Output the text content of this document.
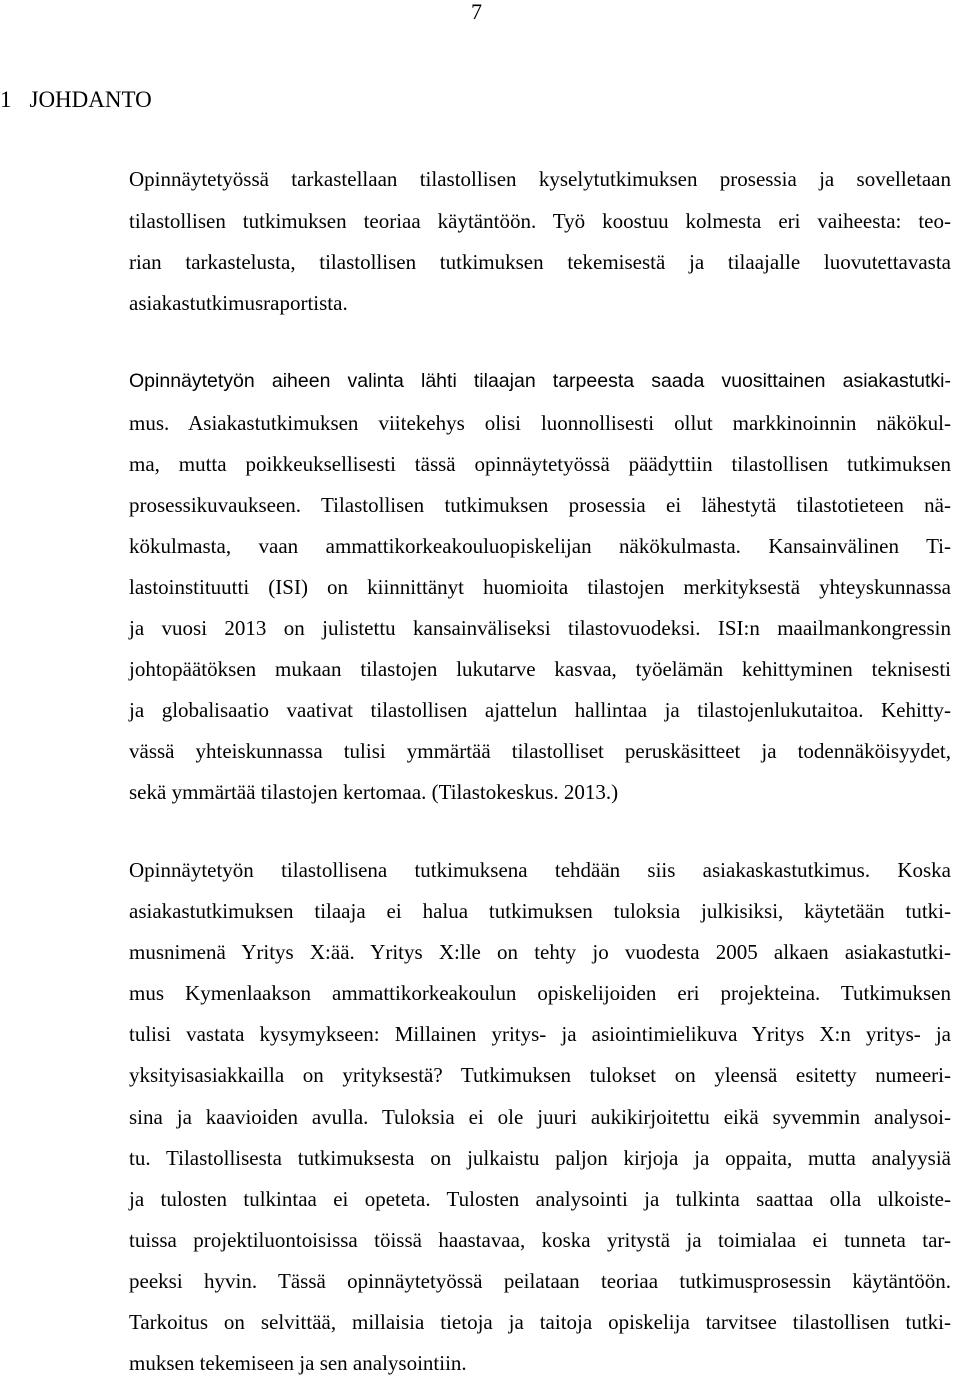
7
1 JOHDANTO
Opinnäytetyössä tarkastellaan tilastollisen kyselytutkimuksen prosessia ja sovelletaan
tilastollisen tutkimuksen teoriaa käytäntöön. Työ koostuu kolmesta eri vaiheesta: teo-
rian tarkastelusta, tilastollisen tutkimuksen tekemisestä ja tilaajalle luovutettavasta
asiakastutkimusraportista.
Opinnäytetyön aiheen valinta lähti tilaajan tarpeesta saada vuosittainen asiakastutki-
mus. Asiakastutkimuksen viitekehys olisi luonnollisesti ollut markkinoinnin näkökul-
ma, mutta poikkeuksellisesti tässä opinnäytetyössä päädyttiin tilastollisen tutkimuksen
prosessikuvaukseen. Tilastollisen tutkimuksen prosessia ei lähestytä tilastotieteen nä-
kökulmasta, vaan ammattikorkeakouluopiskelijan näkökulmasta. Kansainvälinen Ti-
lastoinstituutti (ISI) on kiinnittänyt huomioita tilastojen merkityksestä yhteyskunnassa
ja vuosi 2013 on julistettu kansainväliseksi tilastovuodeksi. ISI:n maailmankongressin
johtopäätöksen mukaan tilastojen lukutarve kasvaa, työelämän kehittyminen teknisesti
ja globalisaatio vaativat tilastollisen ajattelun hallintaa ja tilastojenlukutaitoa. Kehitty-
vässä yhteiskunnassa tulisi ymmärtää tilastolliset peruskäsitteet ja todennäköisyydet,
sekä ymmärtää tilastojen kertomaa. (Tilastokeskus. 2013.)
Opinnäytetyön tilastollisena tutkimuksena tehdään siis asiakaskastutkimus. Koska
asiakastutkimuksen tilaaja ei halua tutkimuksen tuloksia julkisiksi, käytetään tutki-
musnimenä Yritys X:ää. Yritys X:lle on tehty jo vuodesta 2005 alkaen asiakastutki-
mus Kymenlaakson ammattikorkeakoulun opiskelijoiden eri projekteina. Tutkimuksen
tulisi vastata kysymykseen: Millainen yritys- ja asiointimielikuva Yritys X:n yritys- ja
yksityisasiakkailla on yrityksestä? Tutkimuksen tulokset on yleensä esitetty numeeri-
sina ja kaavioiden avulla. Tuloksia ei ole juuri aukikirjoitettu eikä syvemmin analysoi-
tu. Tilastollisesta tutkimuksesta on julkaistu paljon kirjoja ja oppaita, mutta analyysiä
ja tulosten tulkintaa ei opeteta. Tulosten analysointi ja tulkinta saattaa olla ulkoiste-
tuissa projektiluontoisissa töissä haastavaa, koska yritystä ja toimialaa ei tunneta tar-
peeksi hyvin. Tässä opinnäytetyössä peilataan teoriaa tutkimusprosessin käytäntöön.
Tarkoitus on selvittää, millaisia tietoja ja taitoja opiskelija tarvitsee tilastollisen tutki-
muksen tekemiseen ja sen analysointiin.
